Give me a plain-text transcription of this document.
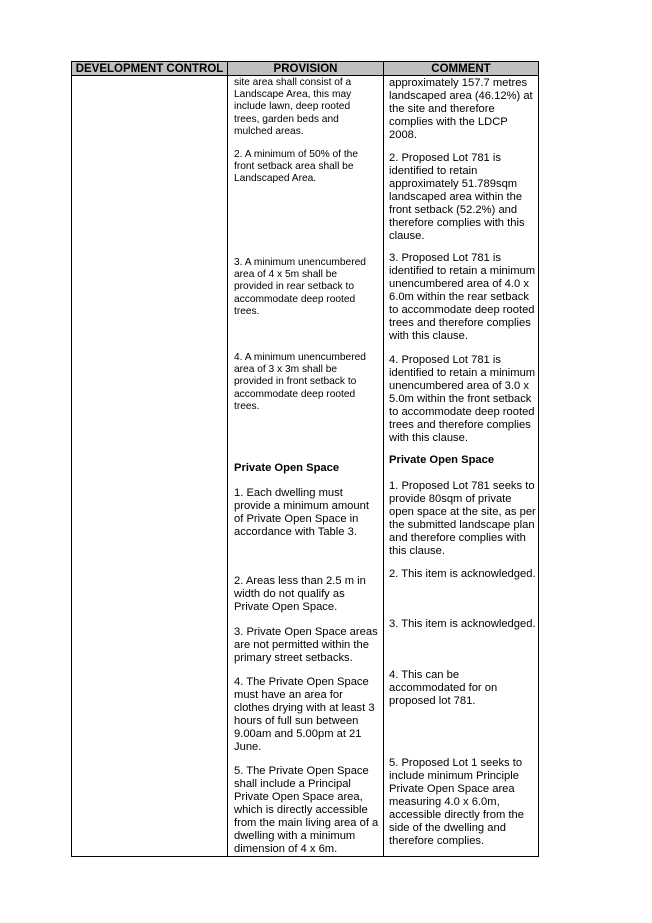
DEVELOPMENT CONTROL	PROVISION	COMMENT
site area shall consist of a
Landscape Area, this may
include lawn, deep rooted
trees, garden beds and
mulched areas.
2. A minimum of 50% of the
front setback area shall be
Landscaped Area.
3. A minimum unencumbered
area of 4 x 5m shall be
provided in rear setback to
accommodate deep rooted
trees.
4. A minimum unencumbered
area of 3 x 3m shall be
provided in front setback to
accommodate deep rooted
trees.
Private Open Space
1. Each dwelling must
provide a minimum amount
of Private Open Space in
accordance with Table 3.
2. Areas less than 2.5 m in
width do not qualify as
Private Open Space.
3. Private Open Space areas
are not permitted within the
primary street setbacks.
4. The Private Open Space
must have an area for
clothes drying with at least 3
hours of full sun between
9.00am and 5.00pm at 21
June.
5. The Private Open Space
shall include a Principal
Private Open Space area,
which is directly accessible
from the main living area of a
dwelling with a minimum
dimension of 4 x 6m.
approximately 157.7 metres
landscaped area (46.12%) at
the site and therefore
complies with the LDCP
2008.
2. Proposed Lot 781 is
identified to retain
approximately 51.789sqm
landscaped area within the
front setback (52.2%) and
therefore complies with this
clause.
3. Proposed Lot 781 is
identified to retain a minimum
unencumbered area of 4.0 x
6.0m within the rear setback
to accommodate deep rooted
trees and therefore complies
with this clause.
4. Proposed Lot 781 is
identified to retain a minimum
unencumbered area of 3.0 x
5.0m within the front setback
to accommodate deep rooted
trees and therefore complies
with this clause.
Private Open Space
1. Proposed Lot 781 seeks to
provide 80sqm of private
open space at the site, as per
the submitted landscape plan
and therefore complies with
this clause.
2. This item is acknowledged.
3. This item is acknowledged.
4. This can be
accommodated for on
proposed lot 781.
5. Proposed Lot 1 seeks to
include minimum Principle
Private Open Space area
measuring 4.0 x 6.0m,
accessible directly from the
side of the dwelling and
therefore complies.
